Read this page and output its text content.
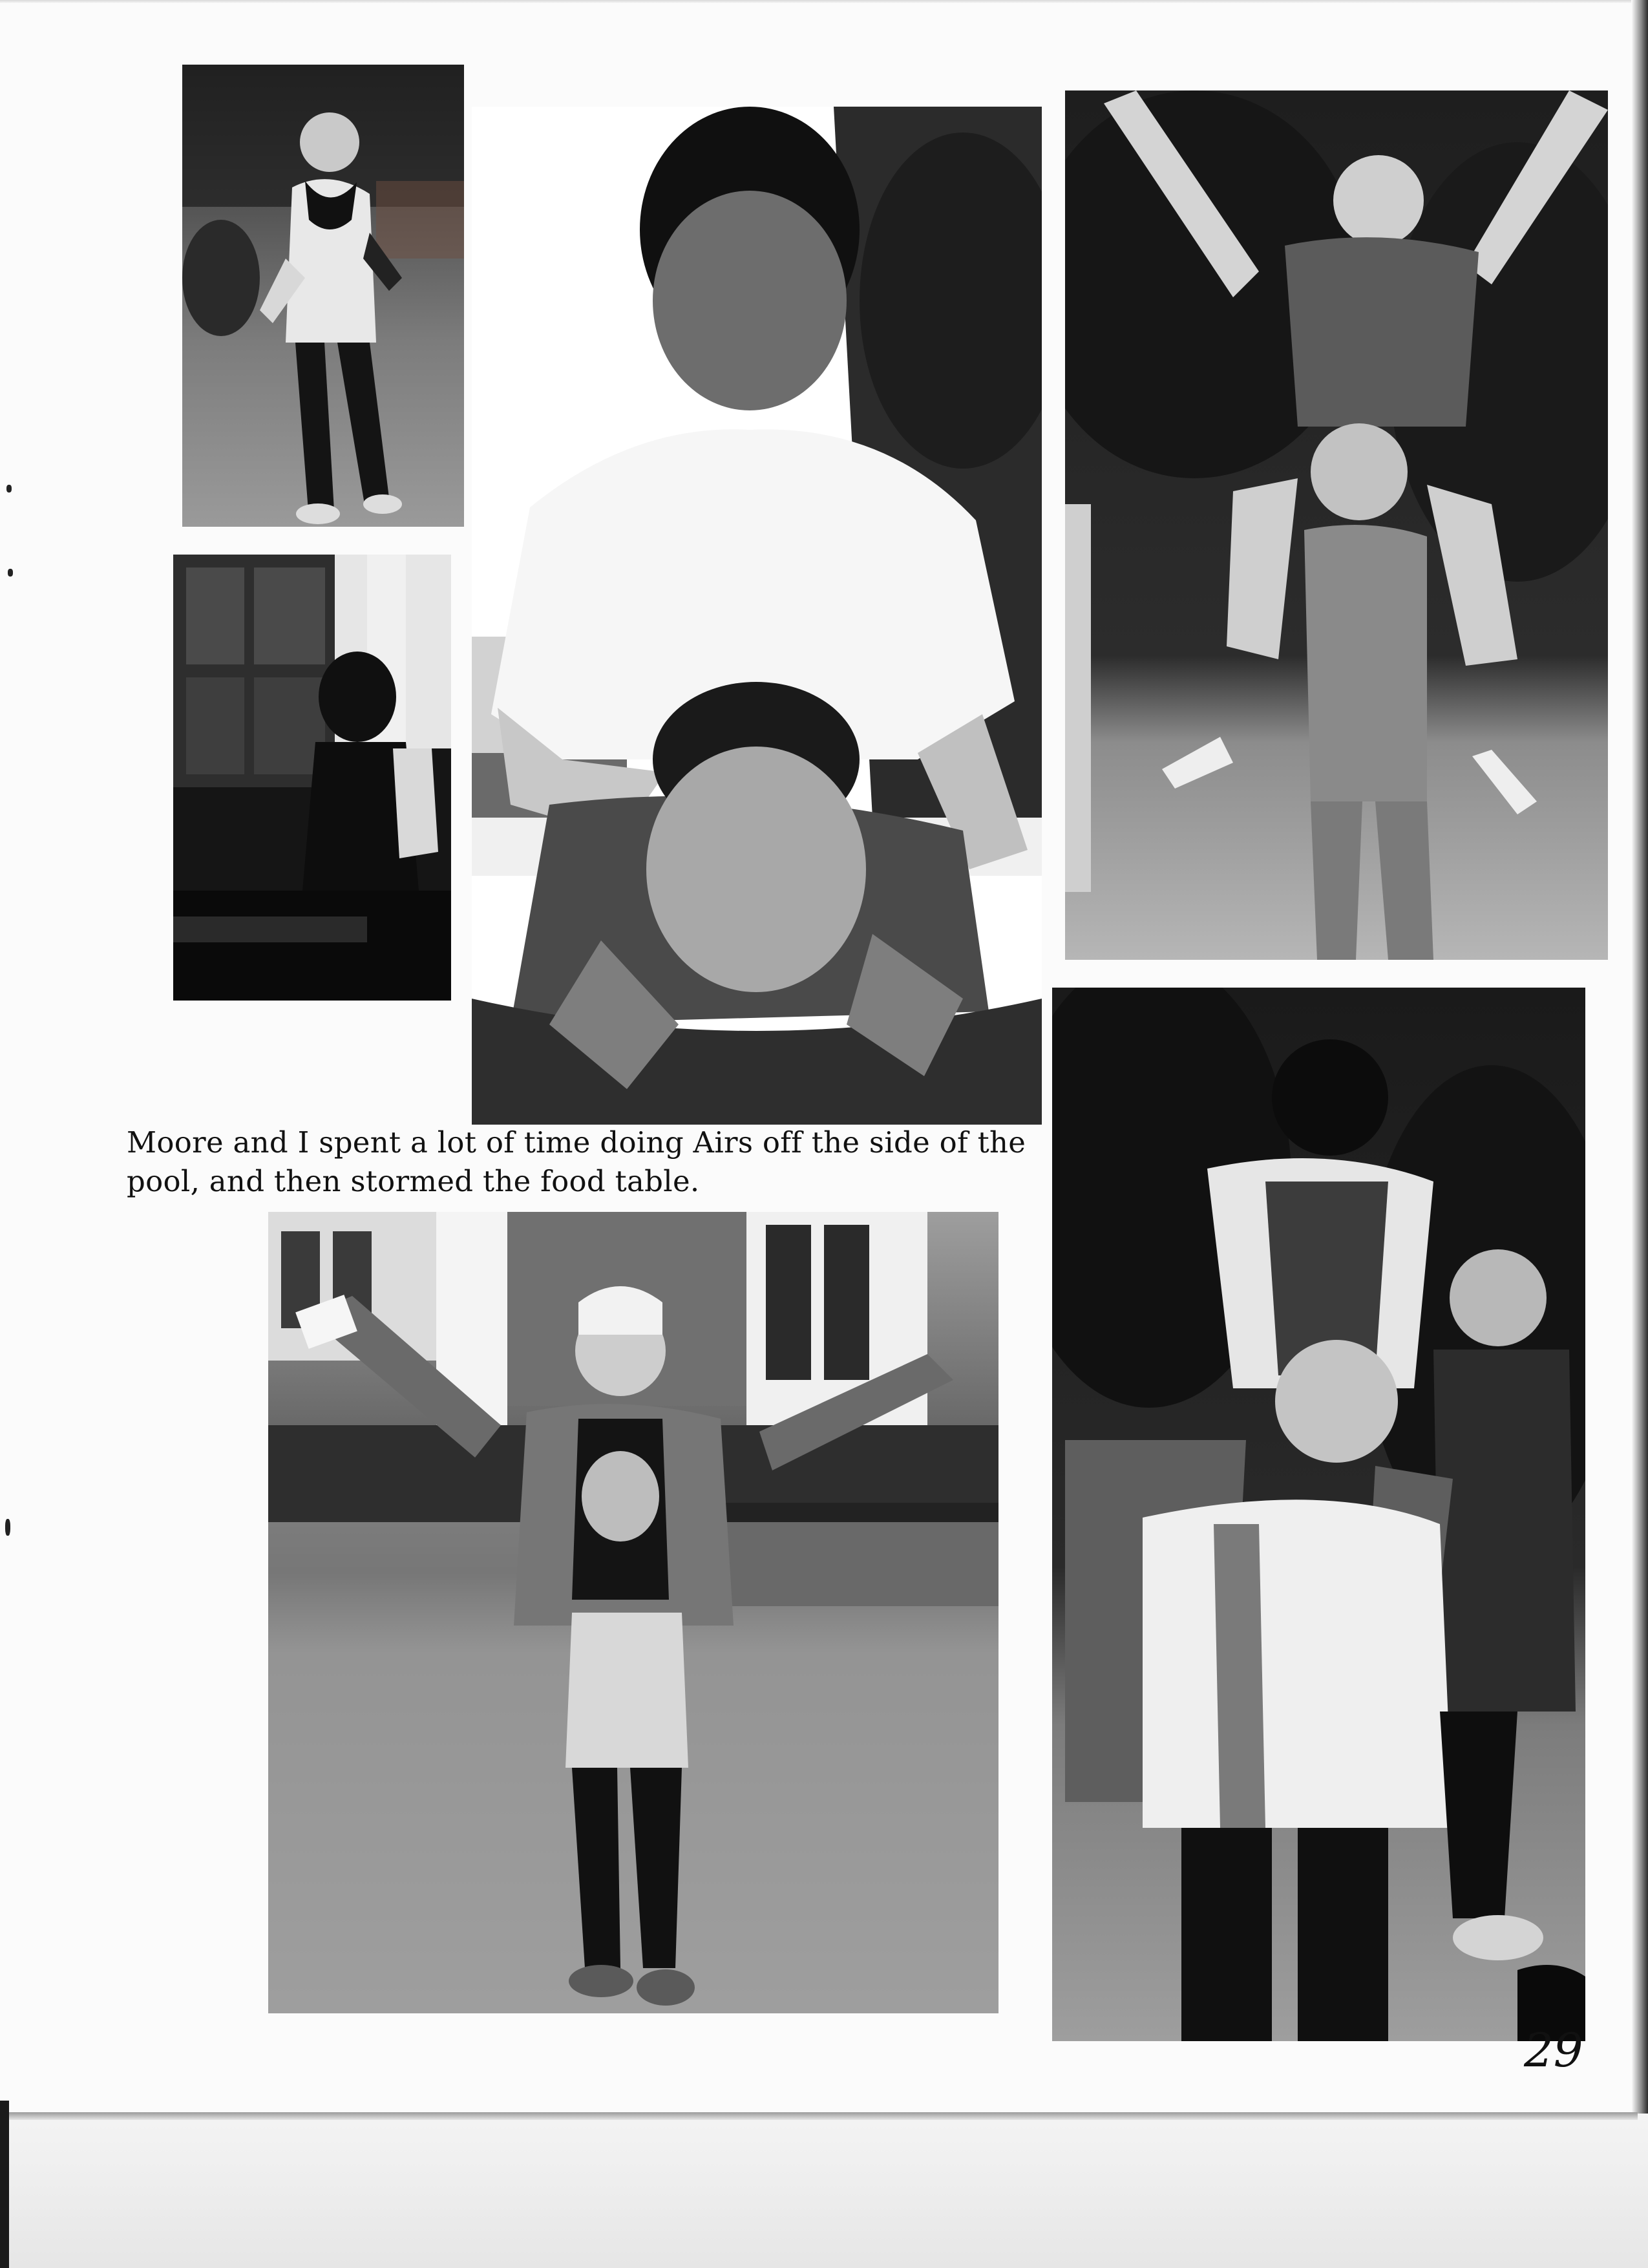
Moore and I spent a lot of time doing Airs off the side of the
pool, and then stormed the food table.
29
